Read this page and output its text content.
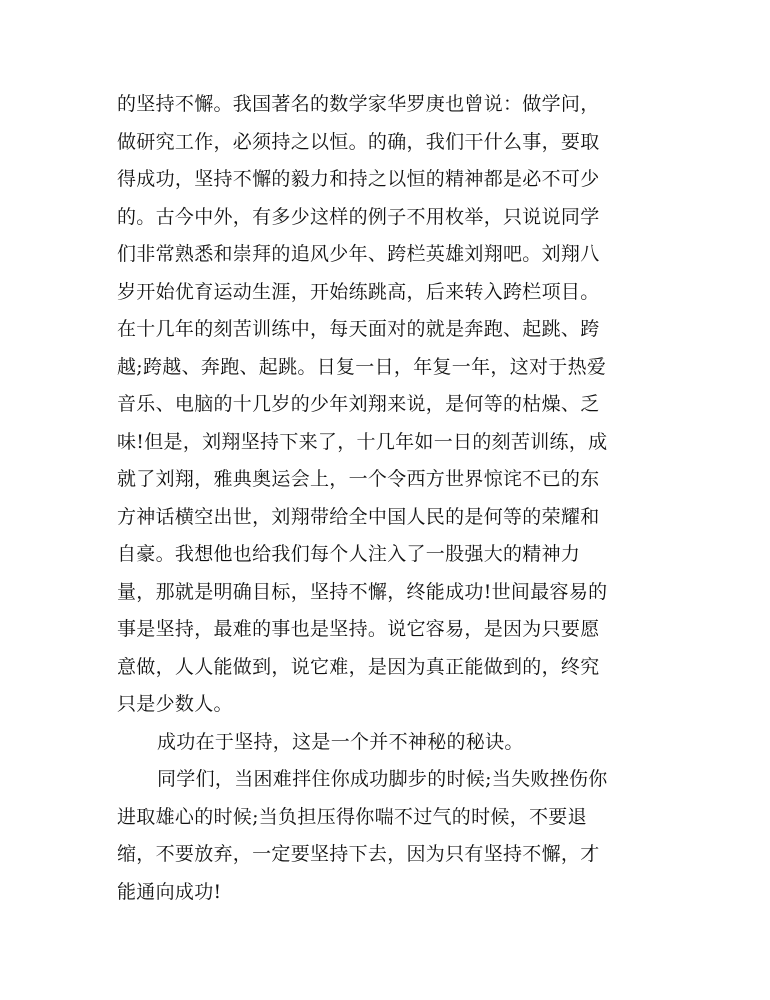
的坚持不懈。我国著名的数学家华罗庚也曾说：做学问，
做研究工作，必须持之以恒。的确，我们干什么事，要取
得成功，坚持不懈的毅力和持之以恒的精神都是必不可少
的。古今中外，有多少这样的例子不用枚举，只说说同学
们非常熟悉和崇拜的追风少年、跨栏英雄刘翔吧。刘翔八
岁开始优育运动生涯，开始练跳高，后来转入跨栏项目。
在十几年的刻苦训练中，每天面对的就是奔跑、起跳、跨
越;跨越、奔跑、起跳。日复一日，年复一年，这对于热爱
音乐、电脑的十几岁的少年刘翔来说，是何等的枯燥、乏
味!但是，刘翔坚持下来了，十几年如一日的刻苦训练，成
就了刘翔，雅典奥运会上，一个令西方世界惊诧不已的东
方神话横空出世，刘翔带给全中国人民的是何等的荣耀和
自豪。我想他也给我们每个人注入了一股强大的精神力
量，那就是明确目标，坚持不懈，终能成功!世间最容易的
事是坚持，最难的事也是坚持。说它容易，是因为只要愿
意做，人人能做到，说它难，是因为真正能做到的，终究
只是少数人。
成功在于坚持，这是一个并不神秘的秘诀。
同学们，当困难拌住你成功脚步的时候;当失败挫伤你
进取雄心的时候;当负担压得你喘不过气的时候，不要退
缩，不要放弃，一定要坚持下去，因为只有坚持不懈，才
能通向成功!
